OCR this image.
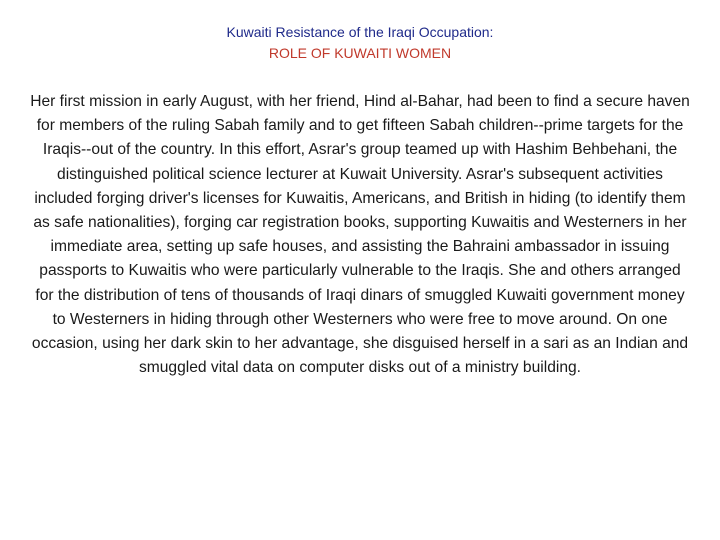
Kuwaiti Resistance of the Iraqi Occupation:
ROLE OF KUWAITI WOMEN

Her first mission in early August, with her friend, Hind al-Bahar, had been to find a secure haven for members of the ruling Sabah family and to get fifteen Sabah children--prime targets for the Iraqis--out of the country. In this effort, Asrar's group teamed up with Hashim Behbehani, the distinguished political science lecturer at Kuwait University. Asrar's subsequent activities included forging driver's licenses for Kuwaitis, Americans, and British in hiding (to identify them as safe nationalities), forging car registration books, supporting Kuwaitis and Westerners in her immediate area, setting up safe houses, and assisting the Bahraini ambassador in issuing passports to Kuwaitis who were particularly vulnerable to the Iraqis. She and others arranged for the distribution of tens of thousands of Iraqi dinars of smuggled Kuwaiti government money to Westerners in hiding through other Westerners who were free to move around. On one occasion, using her dark skin to her advantage, she disguised herself in a sari as an Indian and smuggled vital data on computer disks out of a ministry building.
